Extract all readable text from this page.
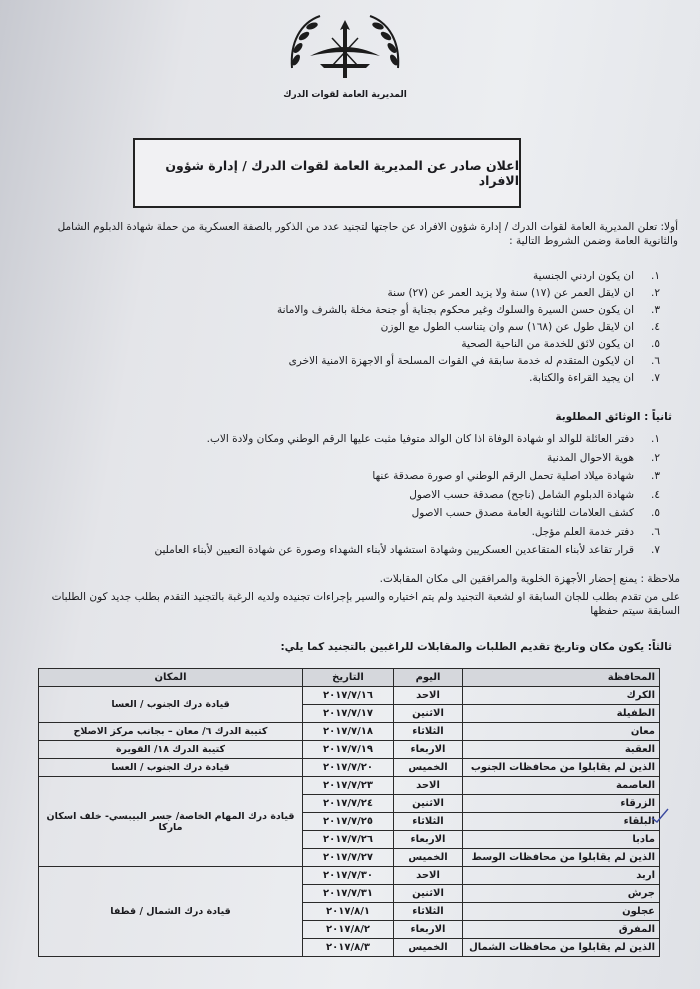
المديرية العامة لقوات الدرك
اعلان صادر عن المديرية العامة لقوات الدرك / إدارة شؤون الافراد
أولا: تعلن المديرية العامة لقوات الدرك / إدارة شؤون الافراد عن حاجتها لتجنيد عدد من الذكور بالصفة العسكرية من حملة شهادة الدبلوم الشامل والثانوية العامة وضمن الشروط التالية :
١.ان يكون اردني الجنسية
٢.ان لايقل العمر عن (١٧) سنة ولا يزيد العمر عن (٢٧) سنة
٣.ان يكون حسن السيرة والسلوك وغير محكوم بجناية أو جنحة مخلة بالشرف والامانة
٤.ان لايقل طول عن (١٦٨) سم وان يتناسب الطول مع الوزن
٥.ان يكون لائق للخدمة من الناحية الصحية
٦.ان لايكون المتقدم له خدمة سابقة في القوات المسلحة أو الاجهزة الامنية الاخرى
٧.ان يجيد القراءة والكتابة.
ثانياً : الوثائق المطلوبة
١.دفتر العائلة للوالد او شهادة الوفاة اذا كان الوالد متوفيا مثبت عليها الرقم الوطني ومكان ولادة الاب.
٢.هوية الاحوال المدنية
٣.شهادة ميلاد اصلية تحمل الرقم الوطني او صورة مصدقة عنها
٤.شهادة الدبلوم الشامل (ناجح) مصدقة حسب الاصول
٥.كشف العلامات للثانوية العامة مصدق حسب الاصول
٦.دفتر خدمة العلم مؤجل.
٧.قرار تقاعد لأبناء المتقاعدين العسكريين وشهادة استشهاد لأبناء الشهداء وصورة عن شهادة التعيين لأبناء العاملين
ملاحظة : يمنع إحضار الأجهزة الخلوية والمرافقين الى مكان المقابلات.
على من تقدم بطلب للجان السابقة او لشعبة التجنيد ولم يتم اختياره والسير بإجراءات تجنيده ولديه الرغبة بالتجنيد التقدم بطلب جديد كون الطلبات السابقة سيتم حفظها
ثالثاً: يكون مكان وتاريخ تقديم الطلبات والمقابلات للراغبين بالتجنيد كما يلي:
المحافظة	اليوم	التاريخ	المكان
الكرك	الاحد	٢٠١٧/٧/١٦	قيادة درك الجنوب / العسا
الطفيلة	الاثنين	٢٠١٧/٧/١٧	
معان	الثلاثاء	٢٠١٧/٧/١٨	كتيبة الدرك ٦/ معان – بجانب مركز الاصلاح
العقبة	الاربعاء	٢٠١٧/٧/١٩	كتيبة الدرك ١٨/ القويرة
الذين لم يقابلوا من محافظات الجنوب	الخميس	٢٠١٧/٧/٢٠	قيادة درك الجنوب / العسا
العاصمة	الاحد	٢٠١٧/٧/٢٣	قيادة درك المهام الخاصة/ جسر البيبسي- خلف اسكان ماركا
الزرقاء	الاثنين	٢٠١٧/٧/٢٤	
البلقاء	الثلاثاء	٢٠١٧/٧/٢٥	
مادبا	الاربعاء	٢٠١٧/٧/٢٦	
الذين لم يقابلوا من محافظات الوسط	الخميس	٢٠١٧/٧/٢٧	
اربد	الاحد	٢٠١٧/٧/٣٠	قيادة درك الشمال / قطفا
جرش	الاثنين	٢٠١٧/٧/٣١	
عجلون	الثلاثاء	٢٠١٧/٨/١	
المفرق	الاربعاء	٢٠١٧/٨/٢	
الذين لم يقابلوا من محافظات الشمال	الخميس	٢٠١٧/٨/٣	
